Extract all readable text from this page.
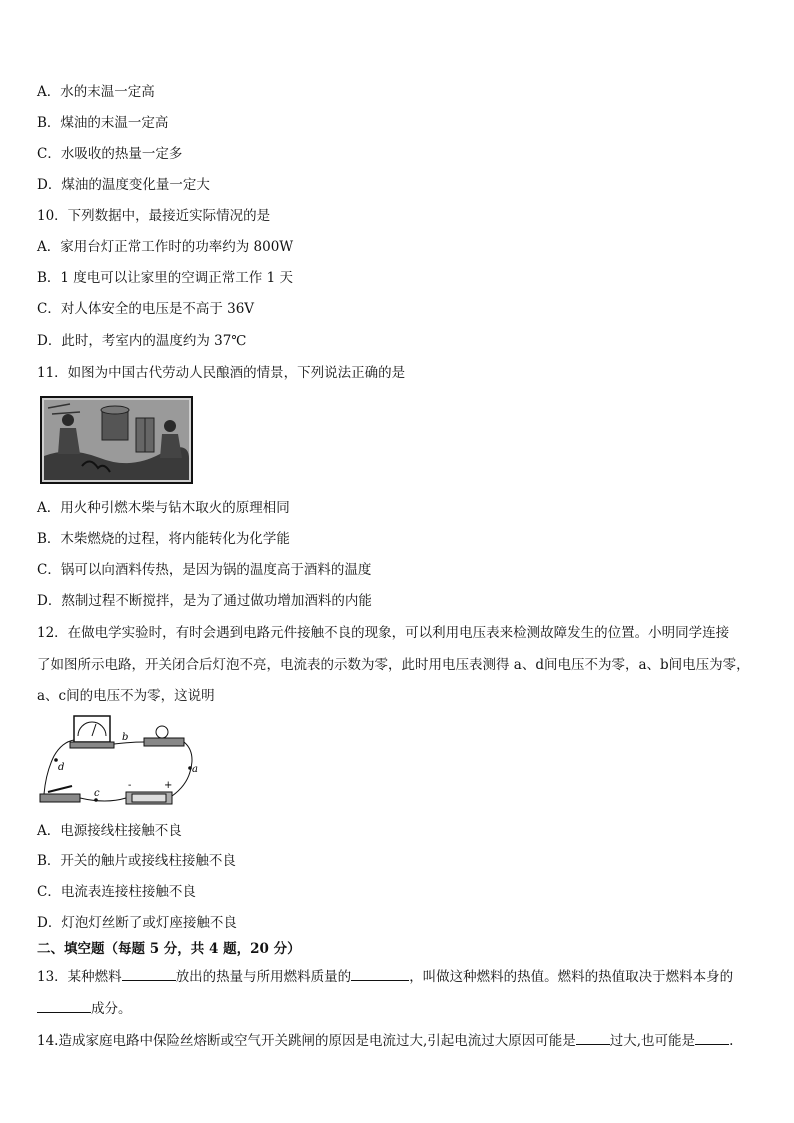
A．水的末温一定高
B．煤油的末温一定高
C．水吸收的热量一定多
D．煤油的温度变化量一定大
10．下列数据中，最接近实际情况的是
A．家用台灯正常工作时的功率约为 800W
B．1 度电可以让家里的空调正常工作 1 天
C．对人体安全的电压是不高于 36V
D．此时，考室内的温度约为 37℃
11．如图为中国古代劳动人民酿酒的情景，下列说法正确的是
A．用火种引燃木柴与钻木取火的原理相同
B．木柴燃烧的过程，将内能转化为化学能
C．锅可以向酒料传热，是因为锅的温度高于酒料的温度
D．熬制过程不断搅拌，是为了通过做功增加酒料的内能
12．在做电学实验时，有时会遇到电路元件接触不良的现象，可以利用电压表来检测故障发生的位置。小明同学连接
了如图所示电路，开关闭合后灯泡不亮，电流表的示数为零，此时用电压表测得 a、d间电压不为零，a、b间电压为零，
a、c间的电压不为零，这说明
b
a
c
d
-	+
A．电源接线柱接触不良
B．开关的触片或接线柱接触不良
C．电流表连接柱接触不良
D．灯泡灯丝断了或灯座接触不良
二、填空题（每题 5 分，共 4 题，20 分）
13．某种燃料	放出的热量与所用燃料质量的	，叫做这种燃料的热值。燃料的热值取决于燃料本身的
成分。
14.造成家庭电路中保险丝熔断或空气开关跳闸的原因是电流过大,引起电流过大原因可能是	过大,也可能是	.
